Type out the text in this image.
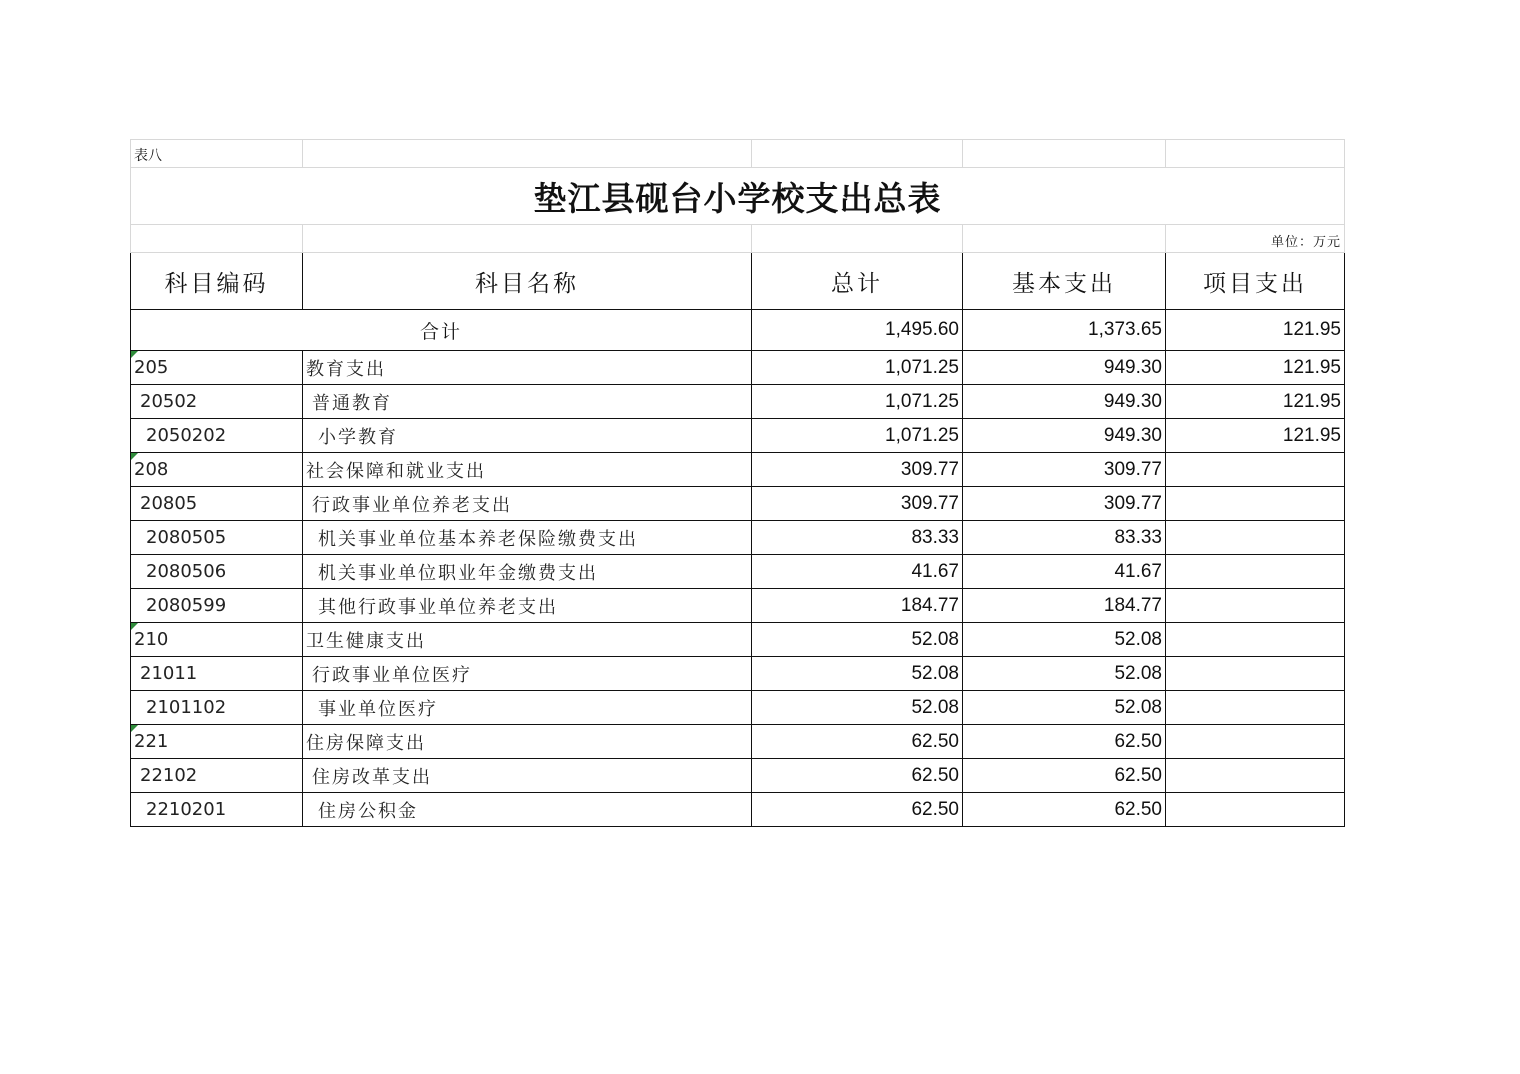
表八				
垫江县砚台小学校支出总表				
				单位：万元
科目编码	科目名称	总计	基本支出	项目支出
合计		1,495.60	1,373.65	121.95

205	教育支出	1,071.25	949.30	121.95
20502	普通教育	1,071.25	949.30	121.95
2050202	小学教育	1,071.25	949.30	121.95

208	社会保障和就业支出	309.77	309.77	
20805	行政事业单位养老支出	309.77	309.77	
2080505	机关事业单位基本养老保险缴费支出	83.33	83.33	
2080506	机关事业单位职业年金缴费支出	41.67	41.67	
2080599	其他行政事业单位养老支出	184.77	184.77	

210	卫生健康支出	52.08	52.08	
21011	行政事业单位医疗	52.08	52.08	
2101102	事业单位医疗	52.08	52.08	

221	住房保障支出	62.50	62.50	
22102	住房改革支出	62.50	62.50	
2210201	住房公积金	62.50	62.50	
